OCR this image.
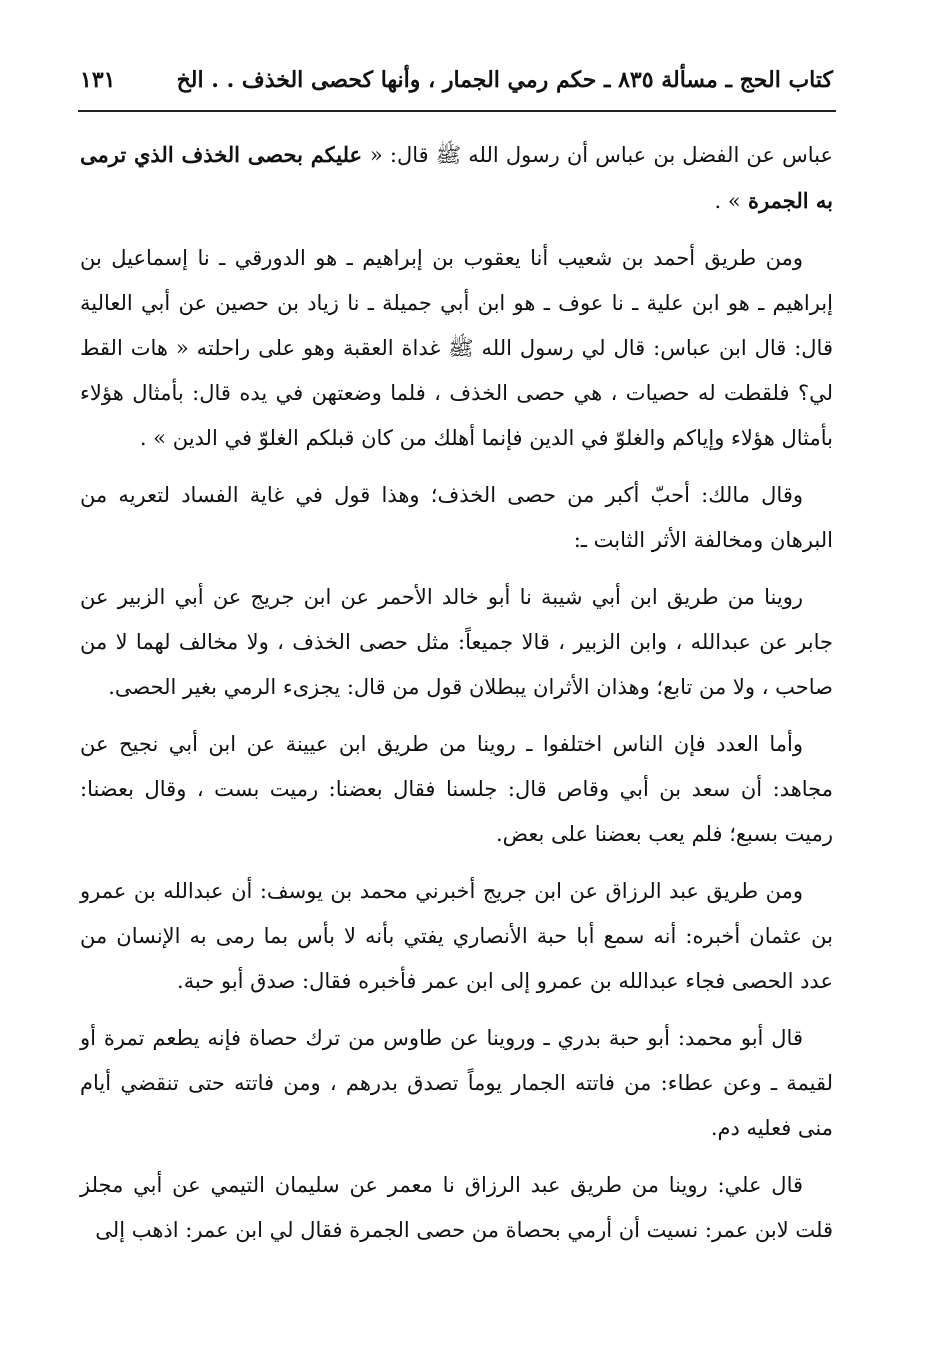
كتاب الحج ـ مسألة ٨٣٥ ـ حكم رمي الجمار ، وأنها كحصى الخذف . . الخ
١٣١

عباس عن الفضل بن عباس أن رسول الله ﷺ قال: « عليكم بحصى الخذف الذي ترمى به الجمرة » .

ومن طريق أحمد بن شعيب أنا يعقوب بن إبراهيم ـ هو الدورقي ـ نا إسماعيل بن إبراهيم ـ هو ابن علية ـ نا عوف ـ هو ابن أبي جميلة ـ نا زياد بن حصين عن أبي العالية قال: قال ابن عباس: قال لي رسول الله ﷺ غداة العقبة وهو على راحلته « هات القط لي؟ فلقطت له حصيات ، هي حصى الخذف ، فلما وضعتهن في يده قال: بأمثال هؤلاء بأمثال هؤلاء وإياكم والغلوّ في الدين فإنما أهلك من كان قبلكم الغلوّ في الدين » .

وقال مالك: أحبّ أكبر من حصى الخذف؛ وهذا قول في غاية الفساد لتعريه من البرهان ومخالفة الأثر الثابت ـ:

روينا من طريق ابن أبي شيبة نا أبو خالد الأحمر عن ابن جريج عن أبي الزبير عن جابر عن عبدالله ، وابن الزبير ، قالا جميعاً: مثل حصى الخذف ، ولا مخالف لهما لا من صاحب ، ولا من تابع؛ وهذان الأثران يبطلان قول من قال: يجزىء الرمي بغير الحصى.

وأما العدد فإن الناس اختلفوا ـ روينا من طريق ابن عيينة عن ابن أبي نجيح عن مجاهد: أن سعد بن أبي وقاص قال: جلسنا فقال بعضنا: رميت بست ، وقال بعضنا: رميت بسبع؛ فلم يعب بعضنا على بعض.

ومن طريق عبد الرزاق عن ابن جريج أخبرني محمد بن يوسف: أن عبدالله بن عمرو بن عثمان أخبره: أنه سمع أبا حبة الأنصاري يفتي بأنه لا بأس بما رمى به الإنسان من عدد الحصى فجاء عبدالله بن عمرو إلى ابن عمر فأخبره فقال: صدق أبو حبة.

قال أبو محمد: أبو حبة بدري ـ وروينا عن طاوس من ترك حصاة فإنه يطعم تمرة أو لقيمة ـ وعن عطاء: من فاتته الجمار يوماً تصدق بدرهم ، ومن فاتته حتى تنقضي أيام منى فعليه دم.

قال علي: روينا من طريق عبد الرزاق نا معمر عن سليمان التيمي عن أبي مجلز قلت لابن عمر: نسيت أن أرمي بحصاة من حصى الجمرة فقال لي ابن عمر: اذهب إلى
